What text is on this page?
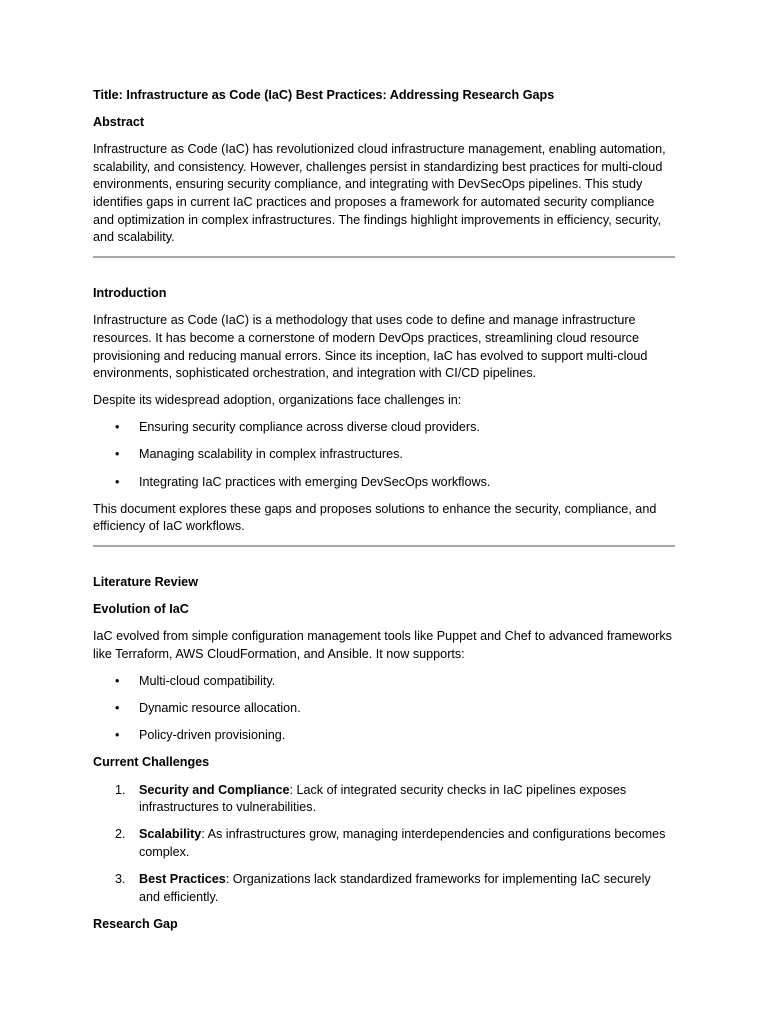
Title: Infrastructure as Code (IaC) Best Practices: Addressing Research Gaps

Abstract

Infrastructure as Code (IaC) has revolutionized cloud infrastructure management, enabling automation, scalability, and consistency. However, challenges persist in standardizing best practices for multi-cloud environments, ensuring security compliance, and integrating with DevSecOps pipelines. This study identifies gaps in current IaC practices and proposes a framework for automated security compliance and optimization in complex infrastructures. The findings highlight improvements in efficiency, security, and scalability.

Introduction

Infrastructure as Code (IaC) is a methodology that uses code to define and manage infrastructure resources. It has become a cornerstone of modern DevOps practices, streamlining cloud resource provisioning and reducing manual errors. Since its inception, IaC has evolved to support multi-cloud environments, sophisticated orchestration, and integration with CI/CD pipelines.

Despite its widespread adoption, organizations face challenges in:

• Ensuring security compliance across diverse cloud providers.
• Managing scalability in complex infrastructures.
• Integrating IaC practices with emerging DevSecOps workflows.

This document explores these gaps and proposes solutions to enhance the security, compliance, and efficiency of IaC workflows.

Literature Review

Evolution of IaC

IaC evolved from simple configuration management tools like Puppet and Chef to advanced frameworks like Terraform, AWS CloudFormation, and Ansible. It now supports:

• Multi-cloud compatibility.
• Dynamic resource allocation.
• Policy-driven provisioning.

Current Challenges

1. Security and Compliance: Lack of integrated security checks in IaC pipelines exposes infrastructures to vulnerabilities.
2. Scalability: As infrastructures grow, managing interdependencies and configurations becomes complex.
3. Best Practices: Organizations lack standardized frameworks for implementing IaC securely and efficiently.

Research Gap
